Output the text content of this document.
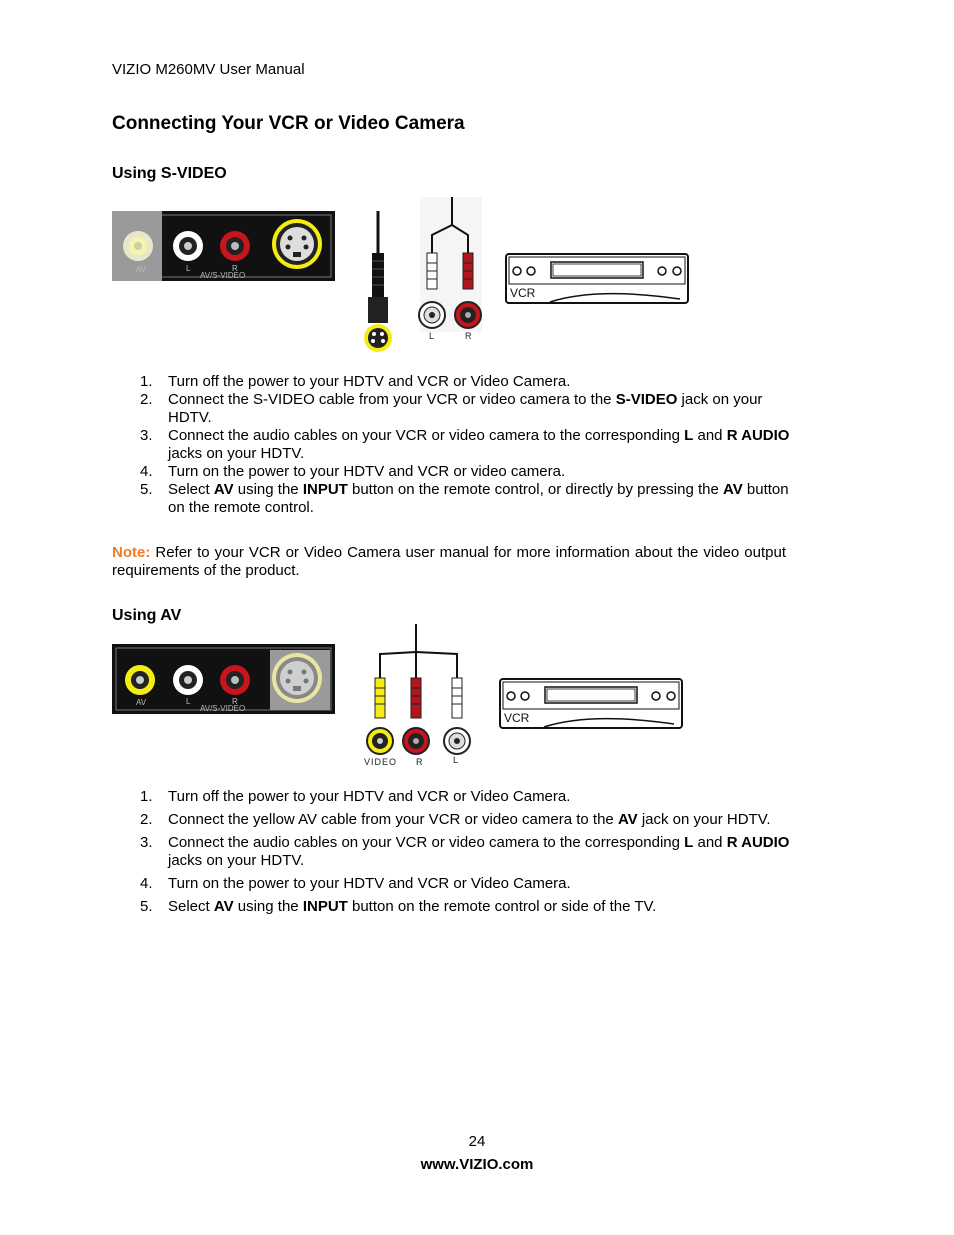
VIZIO M260MV User Manual
Connecting Your VCR or Video Camera
Using S-VIDEO
AV	L	R
AV/S-VIDEO
L	R
VCR
1. Turn off the power to your HDTV and VCR or Video Camera.
2. Connect the S-VIDEO cable from your VCR or video camera to the S-VIDEO jack on your HDTV.
3. Connect the audio cables on your VCR or video camera to the corresponding L and R AUDIO jacks on your HDTV.
4. Turn on the power to your HDTV and VCR or video camera.
5. Select AV using the INPUT button on the remote control, or directly by pressing the AV button on the remote control.
Note: Refer to your VCR or Video Camera user manual for more information about the video output requirements of the product.
Using AV
AV	L	R
AV/S-VIDEO
VIDEO R	L
VCR
1. Turn off the power to your HDTV and VCR or Video Camera.
2. Connect the yellow AV cable from your VCR or video camera to the AV jack on your HDTV.
3. Connect the audio cables on your VCR or video camera to the corresponding L and R AUDIO jacks on your HDTV.
4. Turn on the power to your HDTV and VCR or Video Camera.
5. Select AV using the INPUT button on the remote control or side of the TV.
24
www.VIZIO.com
